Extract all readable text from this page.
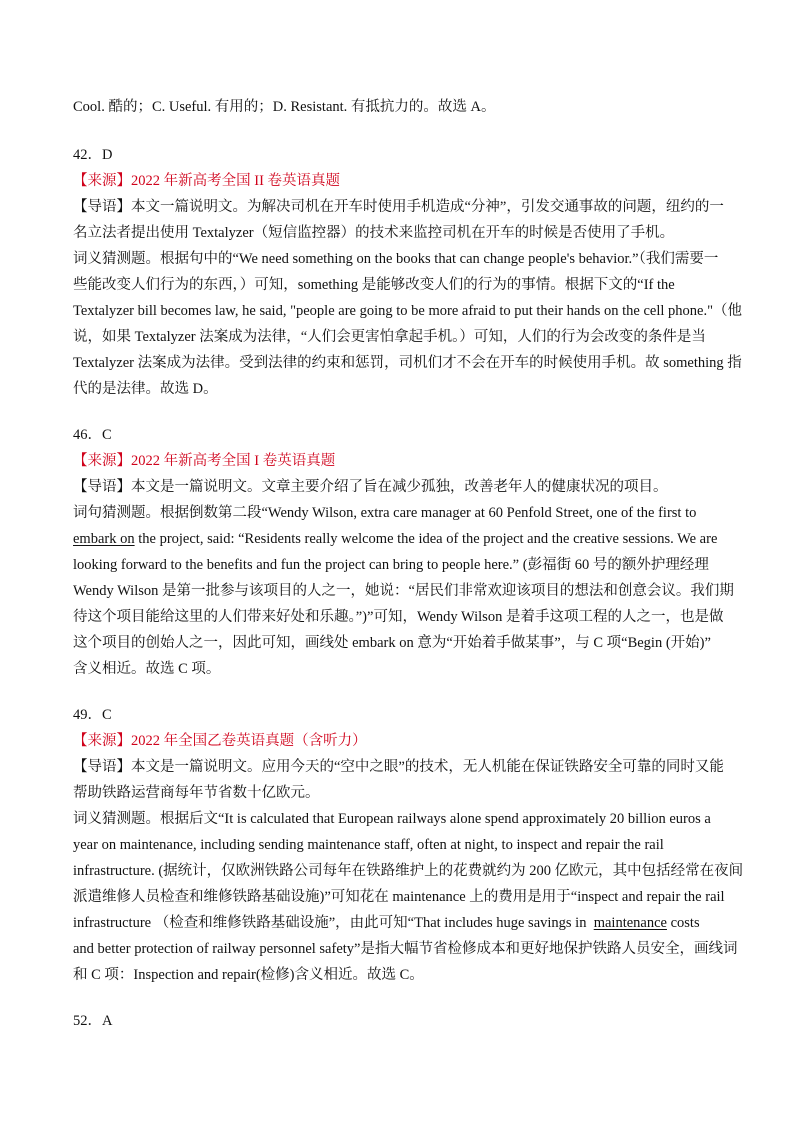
Cool. 酷的；C. Useful. 有用的；D. Resistant. 有抵抗力的。故选 A。

42．D

【来源】2022 年新高考全国 II 卷英语真题

【导语】本文一篇说明文。为解决司机在开车时使用手机造成“分神”，引发交通事故的问题，纽约的一

名立法者提出使用 Textalyzer（短信监控器）的技术来监控司机在开车的时候是否使用了手机。

词义猜测题。根据句中的“We need something on the books that can change people's behavior.”（我们需要一

些能改变人们行为的东西，）可知，something 是能够改变人们的行为的事情。根据下文的“If the

Textalyzer bill becomes law, he said, "people are going to be more afraid to put their hands on the cell phone."（他

说，如果 Textalyzer 法案成为法律，“人们会更害怕拿起手机。）可知，人们的行为会改变的条件是当

Textalyzer 法案成为法律。受到法律的约束和惩罚，司机们才不会在开车的时候使用手机。故 something 指

代的是法律。故选 D。

46．C

【来源】2022 年新高考全国 I 卷英语真题

【导语】本文是一篇说明文。文章主要介绍了旨在减少孤独，改善老年人的健康状况的项目。

词句猜测题。根据倒数第二段“Wendy Wilson, extra care manager at 60 Penfold Street, one of the first to

embark on the project, said: “Residents really welcome the idea of the project and the creative sessions. We are

looking forward to the benefits and fun the project can bring to people here.” (彭福街 60 号的额外护理经理

Wendy Wilson 是第一批参与该项目的人之一，她说：“居民们非常欢迎该项目的想法和创意会议。我们期

待这个项目能给这里的人们带来好处和乐趣。”)”可知，Wendy Wilson 是着手这项工程的人之一，也是做

这个项目的创始人之一，因此可知，画线处 embark on 意为“开始着手做某事”，与 C 项“Begin (开始)”

含义相近。故选 C 项。

49．C

【来源】2022 年全国乙卷英语真题（含听力）

【导语】本文是一篇说明文。应用今天的“空中之眼”的技术，无人机能在保证铁路安全可靠的同时又能

帮助铁路运营商每年节省数十亿欧元。

词义猜测题。根据后文“It is calculated that European railways alone spend approximately 20 billion euros a

year on maintenance, including sending maintenance staff, often at night, to inspect and repair the rail

infrastructure. (据统计，仅欧洲铁路公司每年在铁路维护上的花费就约为 200 亿欧元，其中包括经常在夜间

派遣维修人员检查和维修铁路基础设施)”可知花在 maintenance 上的费用是用于“inspect and repair the rail

infrastructure （检查和维修铁路基础设施”，由此可知“That includes huge savings in maintenance costs

and better protection of railway personnel safety”是指大幅节省检修成本和更好地保护铁路人员安全，画线词

和 C 项：Inspection and repair(检修)含义相近。故选 C。

52．A
